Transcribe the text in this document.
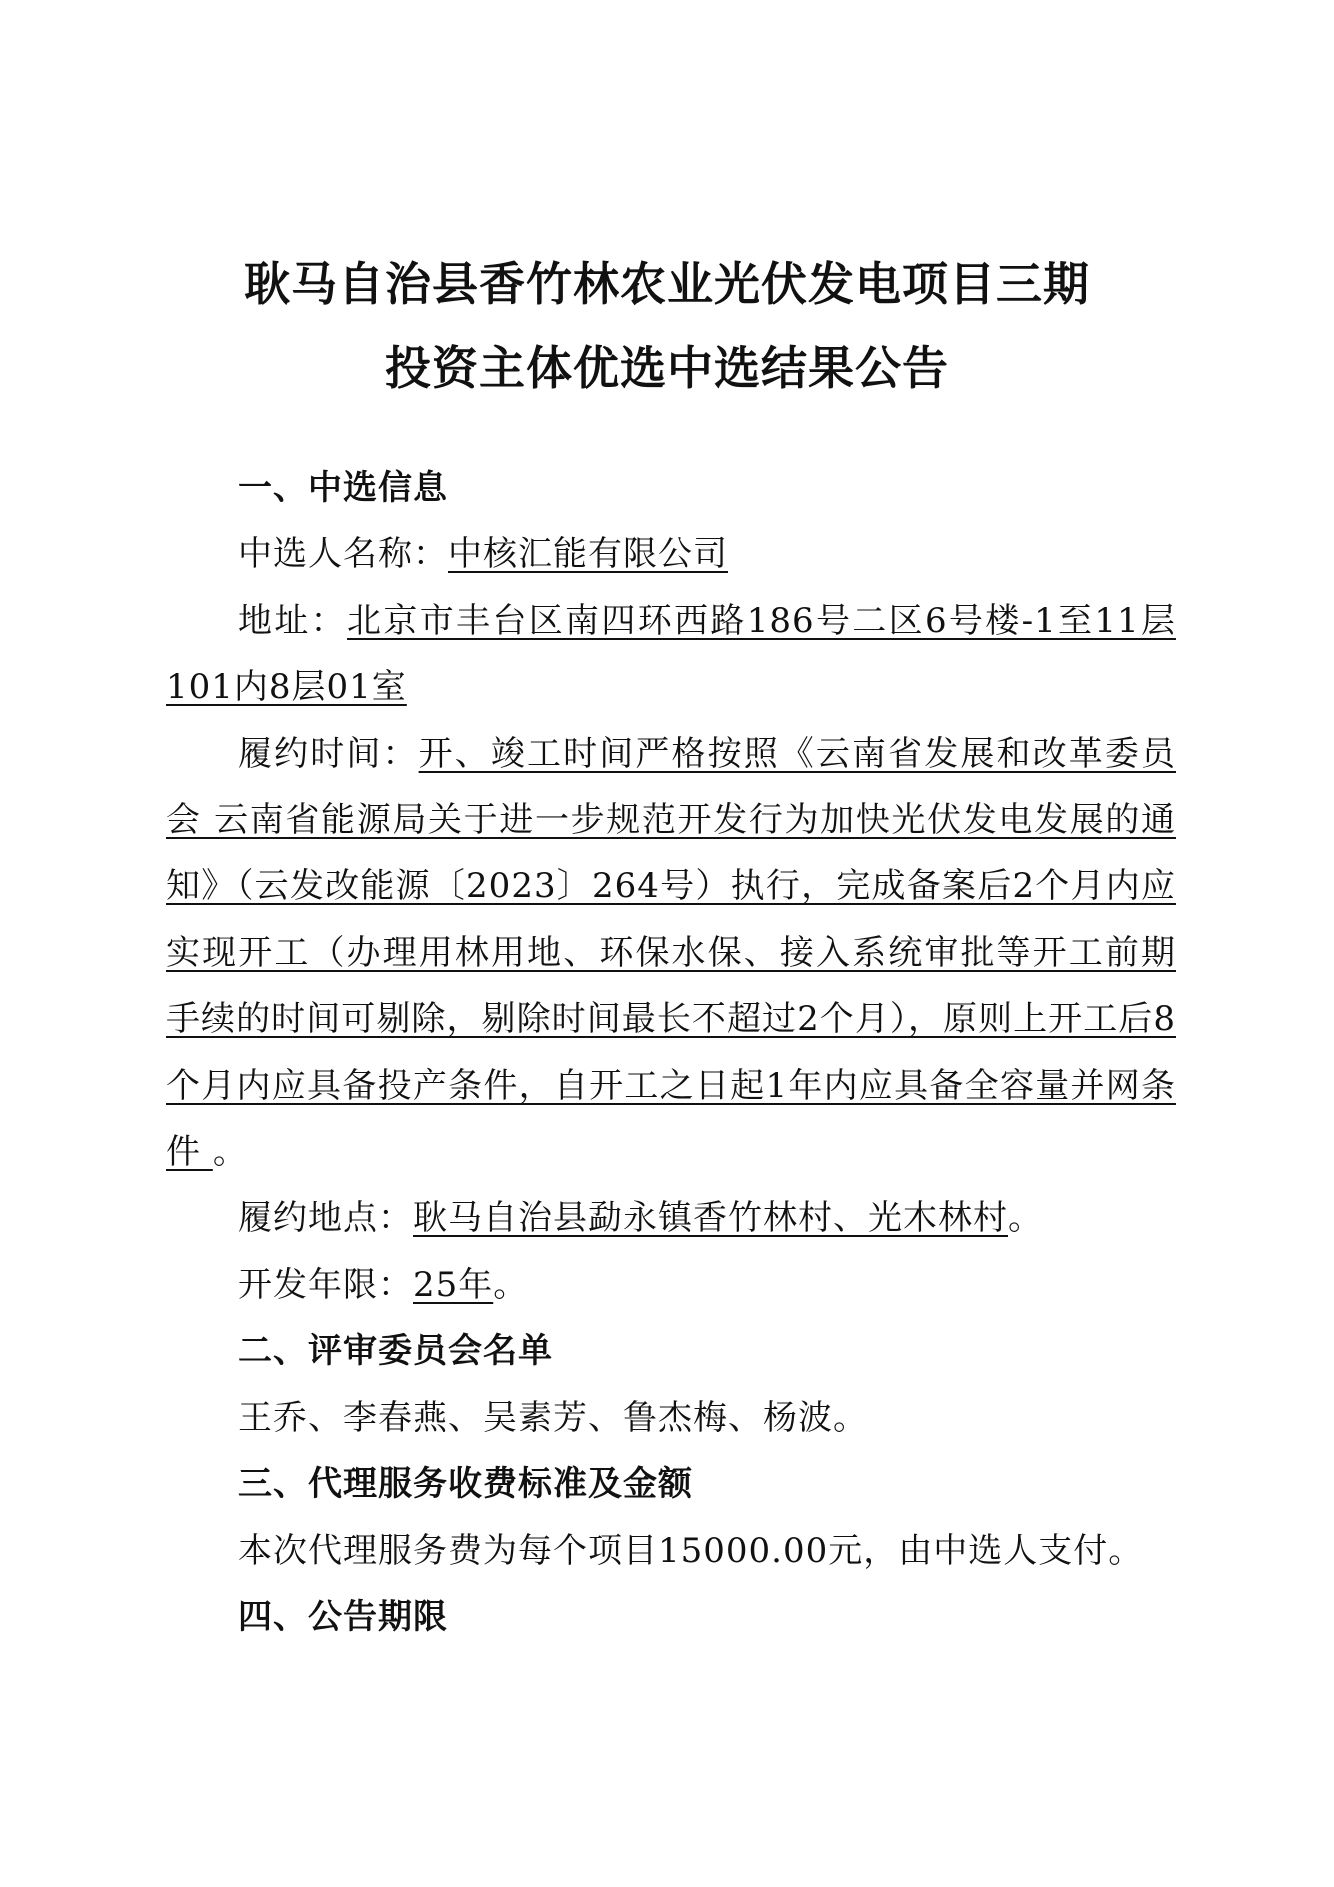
耿马自治县香竹林农业光伏发电项目三期
投资主体优选中选结果公告

一、中选信息

中选人名称：中核汇能有限公司

地址：北京市丰台区南四环西路186号二区6号楼-1至11层101内8层01室

履约时间：开、竣工时间严格按照《云南省发展和改革委员会 云南省能源局关于进一步规范开发行为加快光伏发电发展的通知》（云发改能源〔2023〕264号）执行，完成备案后2个月内应实现开工（办理用林用地、环保水保、接入系统审批等开工前期手续的时间可剔除，剔除时间最长不超过2个月），原则上开工后8个月内应具备投产条件，自开工之日起1年内应具备全容量并网条件 。

履约地点：耿马自治县勐永镇香竹林村、光木林村。

开发年限：25年。

二、评审委员会名单

王乔、李春燕、吴素芳、鲁杰梅、杨波。

三、代理服务收费标准及金额

本次代理服务费为每个项目15000.00元，由中选人支付。

四、公告期限
